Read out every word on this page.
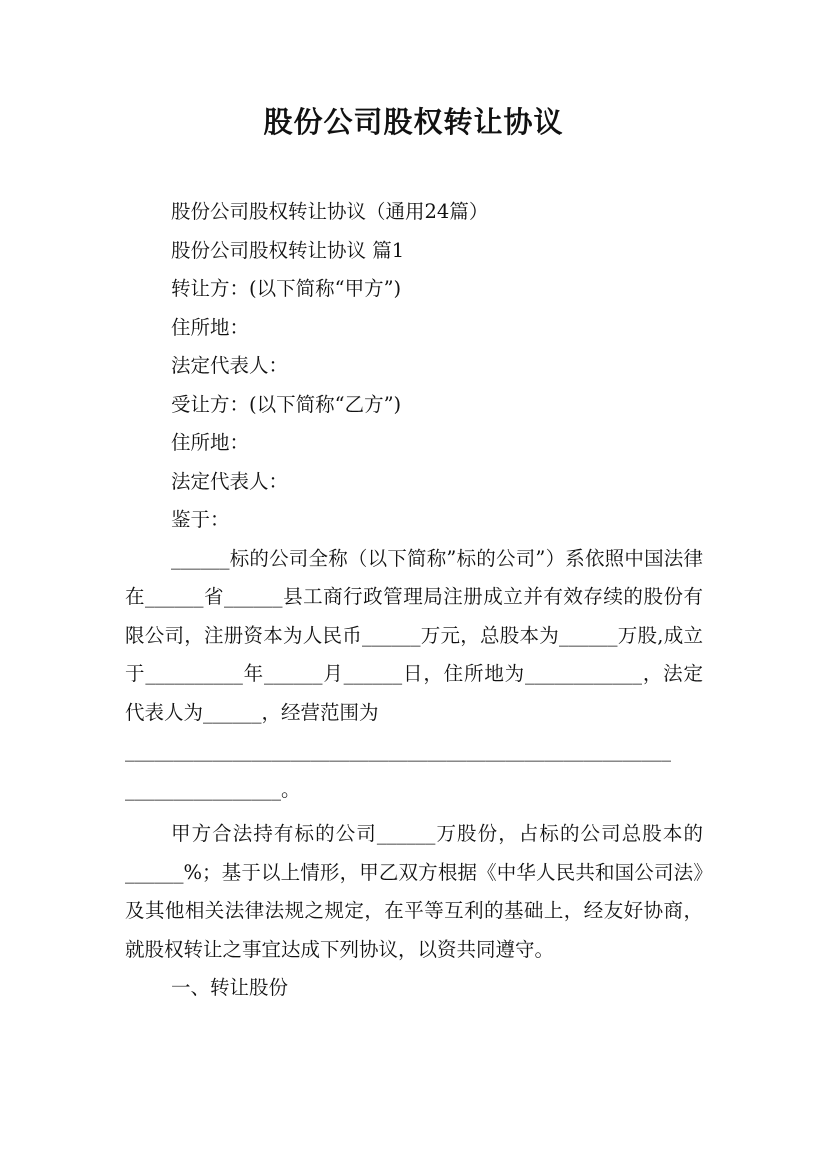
股份公司股权转让协议

股份公司股权转让协议（通用24篇）

股份公司股权转让协议 篇1

转让方：(以下简称“甲方”)

住所地：

法定代表人：

受让方：(以下简称“乙方”)

住所地：

法定代表人：

鉴于：

______标的公司全称（以下简称”标的公司”）系依照中国法律在______省______县工商行政管理局注册成立并有效存续的股份有限公司，注册资本为人民币______万元，总股本为______万股,成立于__________年______月______日，住所地为____________，法定代表人为______，经营范围为

________________________________________________________

________________。

甲方合法持有标的公司______万股份，占标的公司总股本的______%；基于以上情形，甲乙双方根据《中华人民共和国公司法》及其他相关法律法规之规定，在平等互利的基础上，经友好协商，就股权转让之事宜达成下列协议，以资共同遵守。

一、转让股份
